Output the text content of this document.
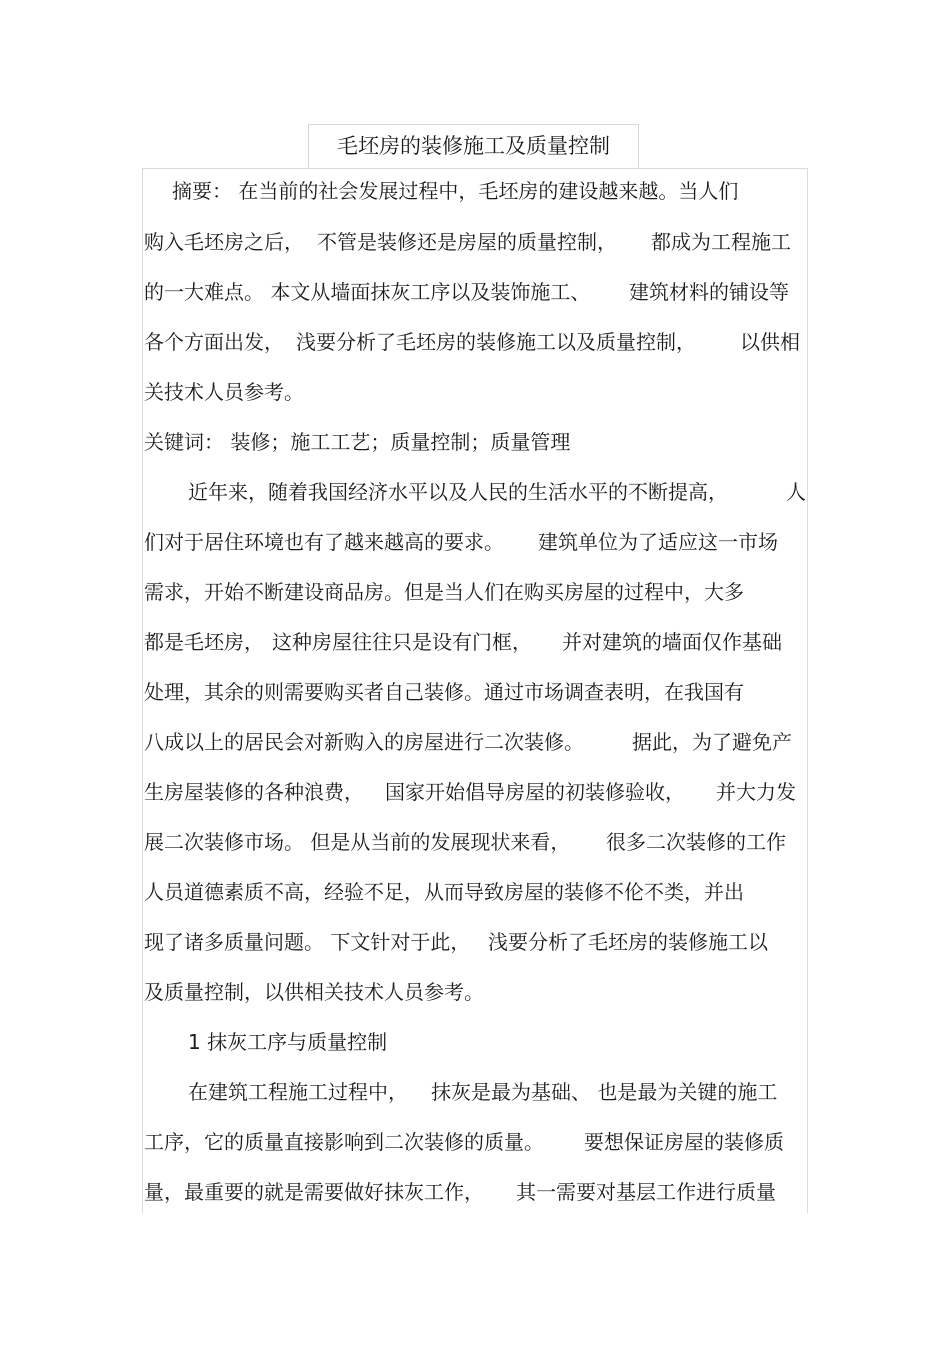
毛坯房的装修施工及质量控制
摘要： 在当前的社会发展过程中，毛坯房的建设越来越。当人们
购入毛坯房之后， 不管是装修还是房屋的质量控制， 都成为工程施工
的一大难点。 本文从墙面抹灰工序以及装饰施工、 建筑材料的铺设等
各个方面出发， 浅要分析了毛坯房的装修施工以及质量控制， 以供相
关技术人员参考。
关键词： 装修；施工工艺；质量控制；质量管理
近年来，随着我国经济水平以及人民的生活水平的不断提高，	人
们对于居住环境也有了越来越高的要求。 建筑单位为了适应这一市场
需求，开始不断建设商品房。但是当人们在购买房屋的过程中，大多
都是毛坯房， 这种房屋往往只是设有门框， 并对建筑的墙面仅作基础
处理，其余的则需要购买者自己装修。通过市场调查表明，在我国有
八成以上的居民会对新购入的房屋进行二次装修。 据此，为了避免产
生房屋装修的各种浪费， 国家开始倡导房屋的初装修验收， 并大力发
展二次装修市场。 但是从当前的发展现状来看， 很多二次装修的工作
人员道德素质不高，经验不足，从而导致房屋的装修不伦不类，并出
现了诸多质量问题。 下文针对于此， 浅要分析了毛坯房的装修施工以
及质量控制，以供相关技术人员参考。
1 抹灰工序与质量控制
在建筑工程施工过程中， 抹灰是最为基础、 也是最为关键的施工
工序，它的质量直接影响到二次装修的质量。 要想保证房屋的装修质
量，最重要的就是需要做好抹灰工作， 其一需要对基层工作进行质量
